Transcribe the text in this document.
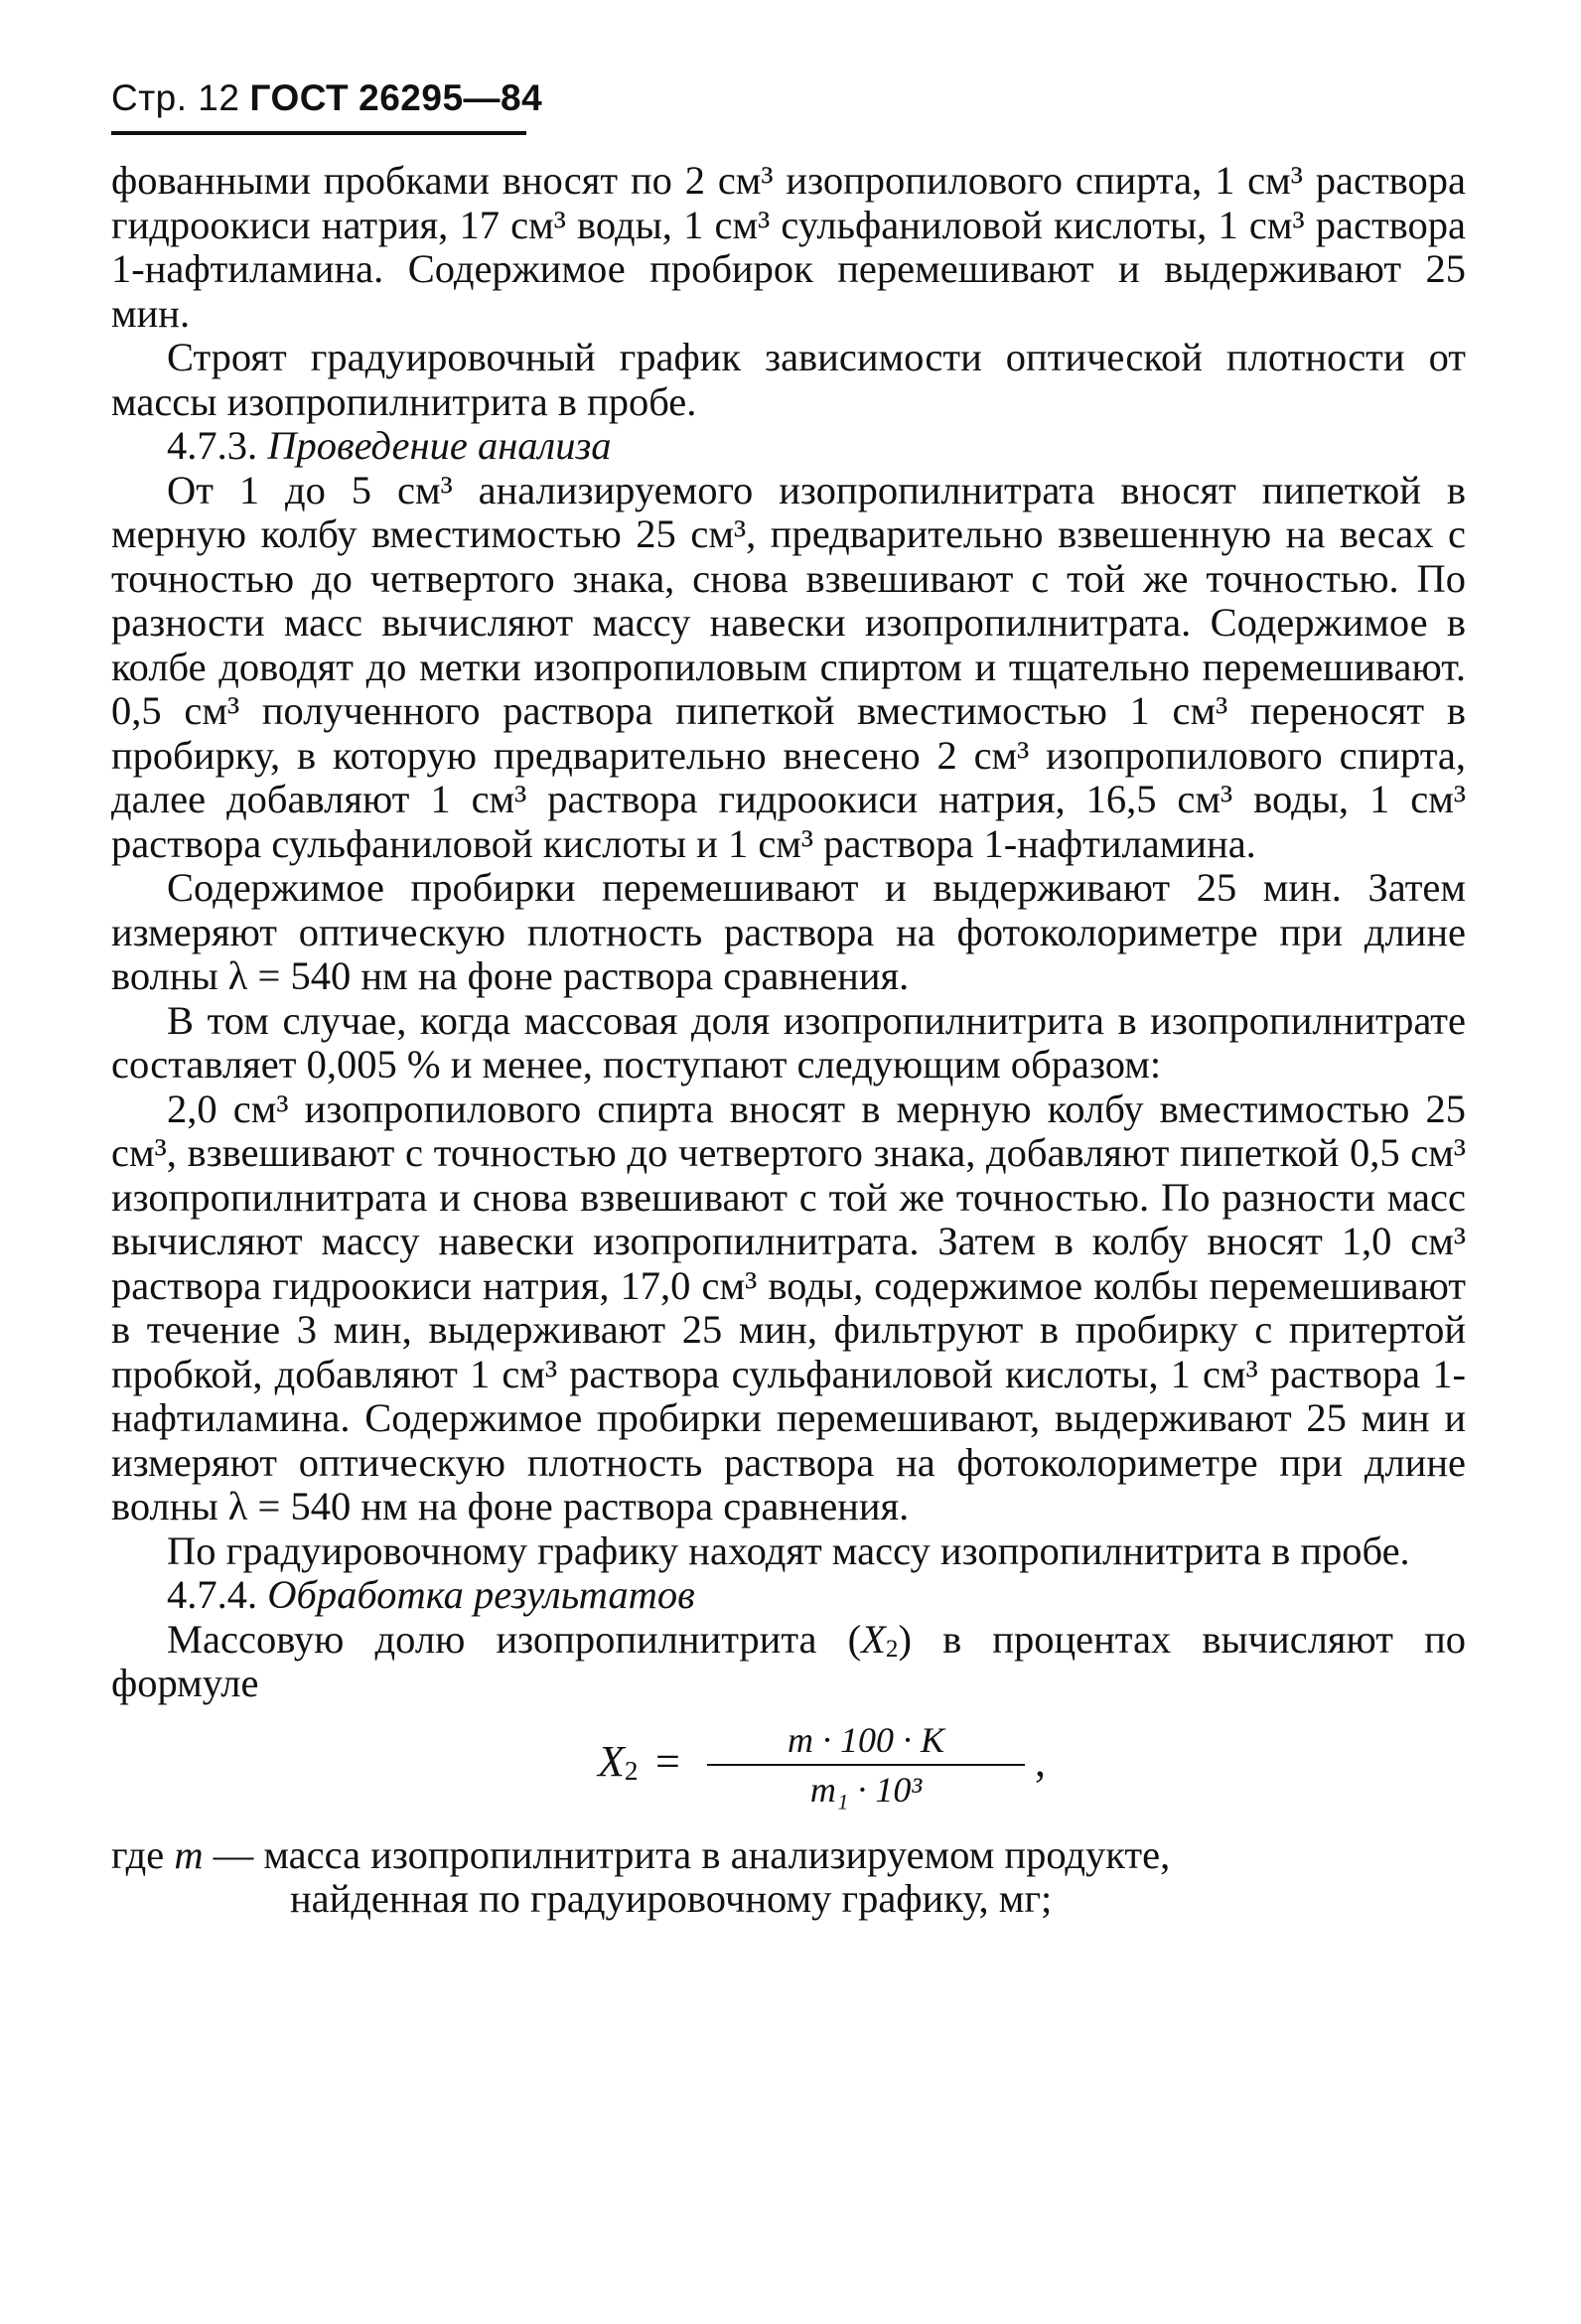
Стр. 12 ГОСТ 26295—84

фованными пробками вносят по 2 см³ изопропилового спирта, 1 см³ раствора гидроокиси натрия, 17 см³ воды, 1 см³ сульфаниловой кислоты, 1 см³ раствора 1-нафтиламина. Содержимое пробирок перемешивают и выдерживают 25 мин.

Строят градуировочный график зависимости оптической плотности от массы изопропилнитрита в пробе.

4.7.3. Проведение анализа

От 1 до 5 см³ анализируемого изопропилнитрата вносят пипеткой в мерную колбу вместимостью 25 см³, предварительно взвешенную на весах с точностью до четвертого знака, снова взвешивают с той же точностью. По разности масс вычисляют массу навески изопропилнитрата. Содержимое в колбе доводят до метки изопропиловым спиртом и тщательно перемешивают. 0,5 см³ полученного раствора пипеткой вместимостью 1 см³ переносят в пробирку, в которую предварительно внесено 2 см³ изопропилового спирта, далее добавляют 1 см³ раствора гидроокиси натрия, 16,5 см³ воды, 1 см³ раствора сульфаниловой кислоты и 1 см³ раствора 1-нафтиламина.

Содержимое пробирки перемешивают и выдерживают 25 мин. Затем измеряют оптическую плотность раствора на фотоколориметре при длине волны λ = 540 нм на фоне раствора сравнения.

В том случае, когда массовая доля изопропилнитрита в изопропилнитрате составляет 0,005 % и менее, поступают следующим образом:

2,0 см³ изопропилового спирта вносят в мерную колбу вместимостью 25 см³, взвешивают с точностью до четвертого знака, добавляют пипеткой 0,5 см³ изопропилнитрата и снова взвешивают с той же точностью. По разности масс вычисляют массу навески изопропилнитрата. Затем в колбу вносят 1,0 см³ раствора гидроокиси натрия, 17,0 см³ воды, содержимое колбы перемешивают в течение 3 мин, выдерживают 25 мин, фильтруют в пробирку с притертой пробкой, добавляют 1 см³ раствора сульфаниловой кислоты, 1 см³ раствора 1-нафтиламина. Содержимое пробирки перемешивают, выдерживают 25 мин и измеряют оптическую плотность раствора на фотоколориметре при длине волны λ = 540 нм на фоне раствора сравнения.

По градуировочному графику находят массу изопропилнитрита в пробе.

4.7.4. Обработка результатов

Массовую долю изопропилнитрита $(X_2)$ в процентах вычисляют по формуле

$X_2$ =	m · 100 · K
m₁ · 10³
,
где m — масса изопропилнитрита в анализируемом продукте,
найденная по градуировочному графику, мг;
